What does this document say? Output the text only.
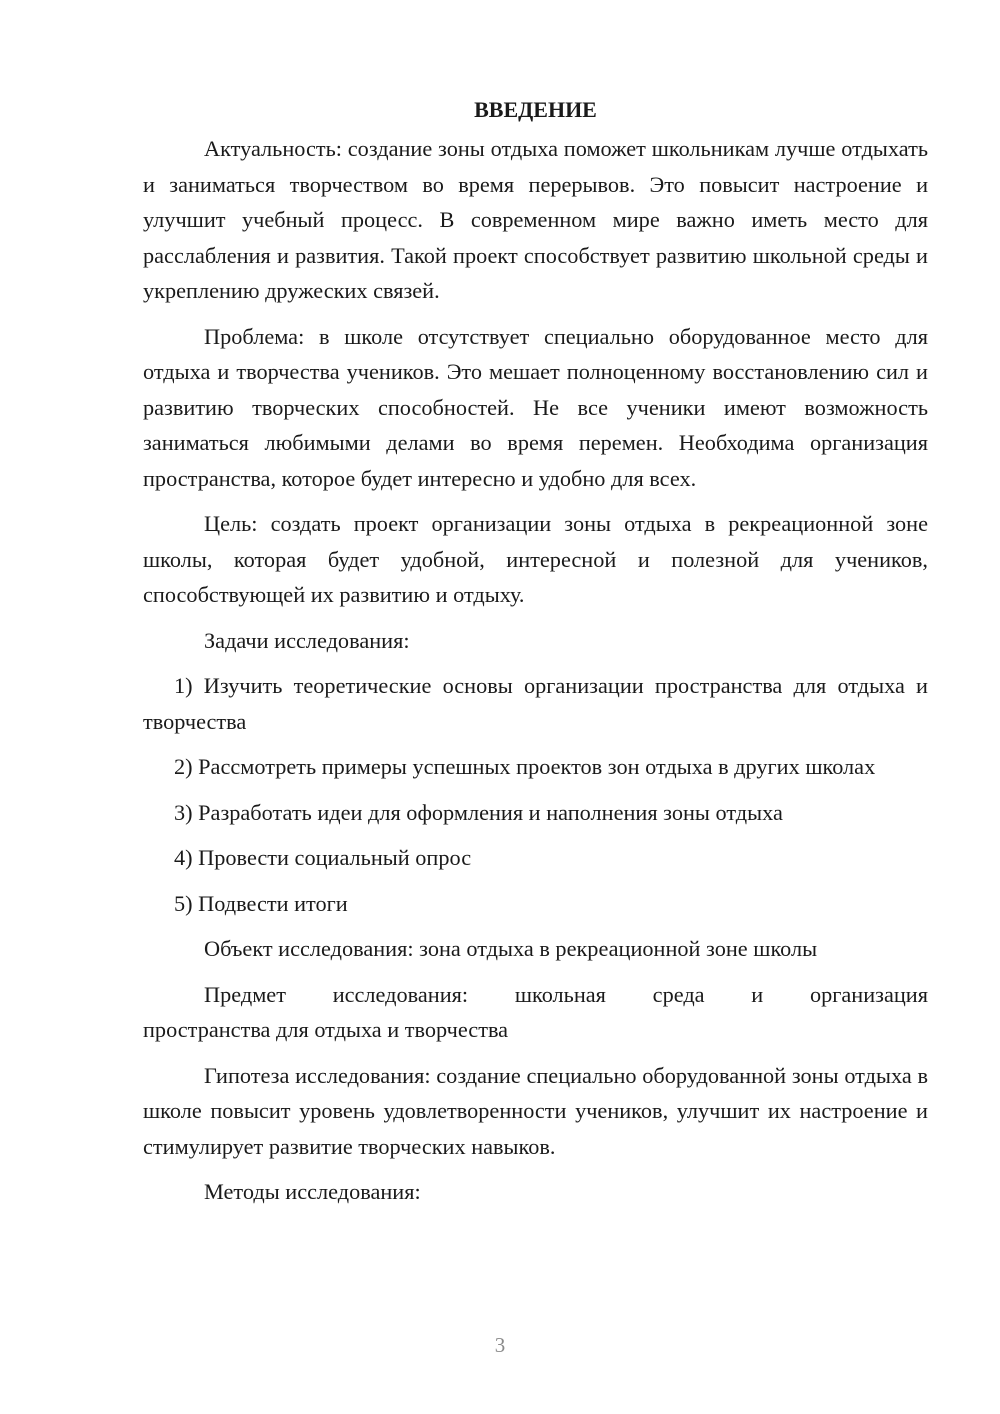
ВВЕДЕНИЕ

Актуальность: создание зоны отдыха поможет школьникам лучше отдыхать и заниматься творчеством во время перерывов. Это повысит настроение и улучшит учебный процесс. В современном мире важно иметь место для расслабления и развития. Такой проект способствует развитию школьной среды и укреплению дружеских связей.

Проблема: в школе отсутствует специально оборудованное место для отдыха и творчества учеников. Это мешает полноценному восстановлению сил и развитию творческих способностей. Не все ученики имеют возможность заниматься любимыми делами во время перемен. Необходима организация пространства, которое будет интересно и удобно для всех.

Цель: создать проект организации зоны отдыха в рекреационной зоне школы, которая будет удобной, интересной и полезной для учеников, способствующей их развитию и отдыху.

Задачи исследования:

1) Изучить теоретические основы организации пространства для отдыха и творчества

2) Рассмотреть примеры успешных проектов зон отдыха в других школах

3) Разработать идеи для оформления и наполнения зоны отдыха

4) Провести социальный опрос

5) Подвести итоги

Объект исследования: зона отдыха в рекреационной зоне школы

Предмет исследования: школьная среда и организация

пространства для отдыха и творчества

Гипотеза исследования: создание специально оборудованной зоны отдыха в школе повысит уровень удовлетворенности учеников, улучшит их настроение и стимулирует развитие творческих навыков.

Методы исследования:

3
